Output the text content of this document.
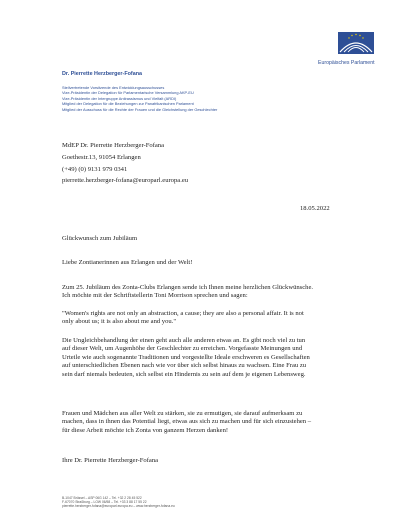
Europäisches Parlament
Dr. Pierrette Herzberger-Fofana
Stellvertretende Vorsitzende des Entwicklungsausschusses
Vize-Präsidentin der Delegation für Parlamentarische Versammlung AKP-EU
Vize-Präsidentin der Intergruppe Antirassismus und Vielfalt (ARDI)
Mitglied der Delegation für die Beziehungen zur Panafrikanischen Parlament
Mitglied der Ausschuss für die Rechte der Frauen und die Gleichstellung der Geschlechter
MdEP Dr. Pierrette Herzberger-Fofana
Goethestr.13, 91054 Erlangen
(+49) (0) 9131 979 0341
pierrette.herzberger-fofana@europarl.europa.eu
18.05.2022
Glückwunsch zum Jubiläum
Liebe Zontianerinnen aus Erlangen und der Welt!
Zum 25. Jubiläum des Zonta-Clubs Erlangen sende ich Ihnen meine herzlichen Glückwünsche.
Ich möchte mit der Schriftstellerin Toni Morrison sprechen und sagen:
"Women's rights are not only an abstraction, a cause; they are also a personal affair. It is not
only about us; it is also about me and you."
Die Ungleichbehandlung der einen geht auch alle anderen etwas an. Es gibt noch viel zu tun
auf dieser Welt, um Augenhöhe der Geschlechter zu erreichen. Vorgefasste Meinungen und
Urteile wie auch sogenannte Traditionen und vorgestellte Ideale erschweren es Gesellschaften
auf unterschiedlichen Ebenen nach wie vor über sich selbst hinaus zu wachsen. Eine Frau zu
sein darf niemals bedeuten, sich selbst ein Hindernis zu sein auf dem je eigenen Lebensweg.
Frauen und Mädchen aus aller Welt zu stärken, sie zu ermutigen, sie darauf aufmerksam zu
machen, dass in ihnen das Potential liegt, etwas aus sich zu machen und für sich einzustehen –
für diese Arbeit möchte ich Zonta von ganzem Herzen danken!
Ihre Dr. Pierrette Herzberger-Fofana
B-1047 Brüssel – ASP 06G 142 – Tel. +32 2 28 45 522
F-67070 Straßburg – LOW 06/58 – Tel. +33 3 88 17 55 22
pierrette.herzberger-fofana@europarl.europa.eu – www.herzberger-fofana.eu
